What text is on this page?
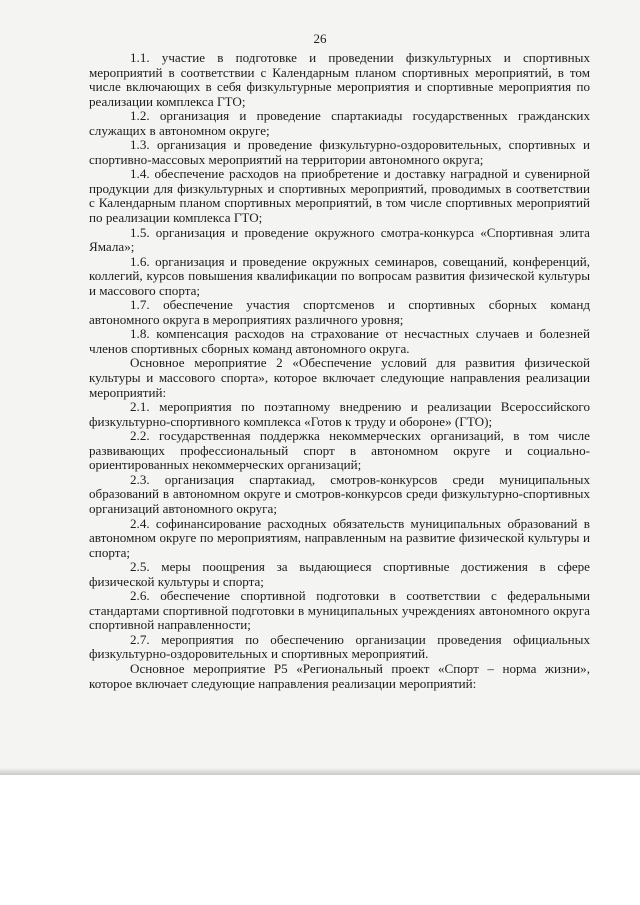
26

1.1. участие в подготовке и проведении физкультурных и спортивных мероприятий в соответствии с Календарным планом спортивных мероприятий, в том числе включающих в себя физкультурные мероприятия и спортивные мероприятия по реализации комплекса ГТО;

1.2. организация и проведение спартакиады государственных гражданских служащих в автономном округе;

1.3. организация и проведение физкультурно-оздоровительных, спортивных и спортивно-массовых мероприятий на территории автономного округа;

1.4. обеспечение расходов на приобретение и доставку наградной и сувенирной продукции для физкультурных и спортивных мероприятий, проводимых в соответствии с Календарным планом спортивных мероприятий, в том числе спортивных мероприятий по реализации комплекса ГТО;

1.5. организация и проведение окружного смотра-конкурса «Спортивная элита Ямала»;

1.6. организация и проведение окружных семинаров, совещаний, конференций, коллегий, курсов повышения квалификации по вопросам развития физической культуры и массового спорта;

1.7. обеспечение участия спортсменов и спортивных сборных команд автономного округа в мероприятиях различного уровня;

1.8. компенсация расходов на страхование от несчастных случаев и болезней членов спортивных сборных команд автономного округа.

Основное мероприятие 2 «Обеспечение условий для развития физической культуры и массового спорта», которое включает следующие направления реализации мероприятий:

2.1. мероприятия по поэтапному внедрению и реализации Всероссийского физкультурно-спортивного комплекса «Готов к труду и обороне» (ГТО);

2.2. государственная поддержка некоммерческих организаций, в том числе развивающих профессиональный спорт в автономном округе и социально-ориентированных некоммерческих организаций;

2.3. организация спартакиад, смотров-конкурсов среди муниципальных образований в автономном округе и смотров-конкурсов среди физкультурно-спортивных организаций автономного округа;

2.4. софинансирование расходных обязательств муниципальных образований в автономном округе по мероприятиям, направленным на развитие физической культуры и спорта;

2.5. меры поощрения за выдающиеся спортивные достижения в сфере физической культуры и спорта;

2.6. обеспечение спортивной подготовки в соответствии с федеральными стандартами спортивной подготовки в муниципальных учреждениях автономного округа спортивной направленности;

2.7. мероприятия по обеспечению организации проведения официальных физкультурно-оздоровительных и спортивных мероприятий.

Основное мероприятие Р5 «Региональный проект «Спорт – норма жизни», которое включает следующие направления реализации мероприятий:
